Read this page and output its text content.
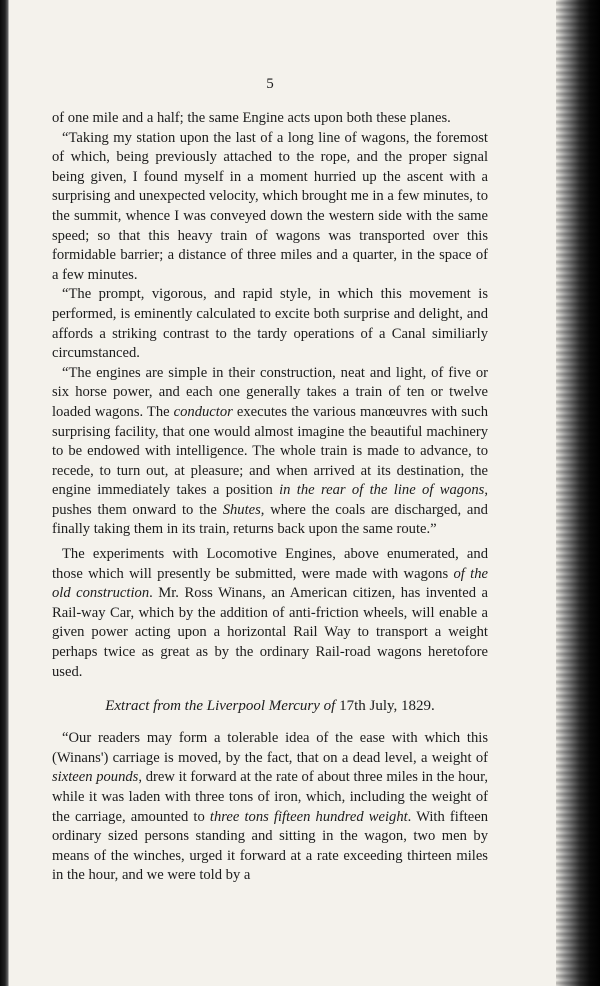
5

of one mile and a half; the same Engine acts upon both these planes.

“Taking my station upon the last of a long line of wagons, the foremost of which, being previously attached to the rope, and the proper signal being given, I found myself in a moment hurried up the ascent with a surprising and unexpected velocity, which brought me in a few minutes, to the summit, whence I was conveyed down the western side with the same speed; so that this heavy train of wagons was transported over this formidable barrier; a distance of three miles and a quarter, in the space of a few minutes.

“The prompt, vigorous, and rapid style, in which this movement is performed, is eminently calculated to excite both surprise and delight, and affords a striking contrast to the tardy operations of a Canal similiarly circumstanced.

“The engines are simple in their construction, neat and light, of five or six horse power, and each one generally takes a train of ten or twelve loaded wagons. The conductor executes the various manœuvres with such surprising facility, that one would almost imagine the beautiful machinery to be endowed with intelligence. The whole train is made to advance, to recede, to turn out, at pleasure; and when arrived at its destination, the engine immediately takes a position in the rear of the line of wagons, pushes them onward to the Shutes, where the coals are discharged, and finally taking them in its train, returns back upon the same route.”

The experiments with Locomotive Engines, above enumerated, and those which will presently be submitted, were made with wagons of the old construction. Mr. Ross Winans, an American citizen, has invented a Rail-way Car, which by the addition of anti-friction wheels, will enable a given power acting upon a horizontal Rail Way to transport a weight perhaps twice as great as by the ordinary Rail-road wagons heretofore used.

Extract from the Liverpool Mercury of 17th July, 1829.

“Our readers may form a tolerable idea of the ease with which this (Winans') carriage is moved, by the fact, that on a dead level, a weight of sixteen pounds, drew it forward at the rate of about three miles in the hour, while it was laden with three tons of iron, which, including the weight of the carriage, amounted to three tons fifteen hundred weight. With fifteen ordinary sized persons standing and sitting in the wagon, two men by means of the winches, urged it forward at a rate exceeding thirteen miles in the hour, and we were told by a
